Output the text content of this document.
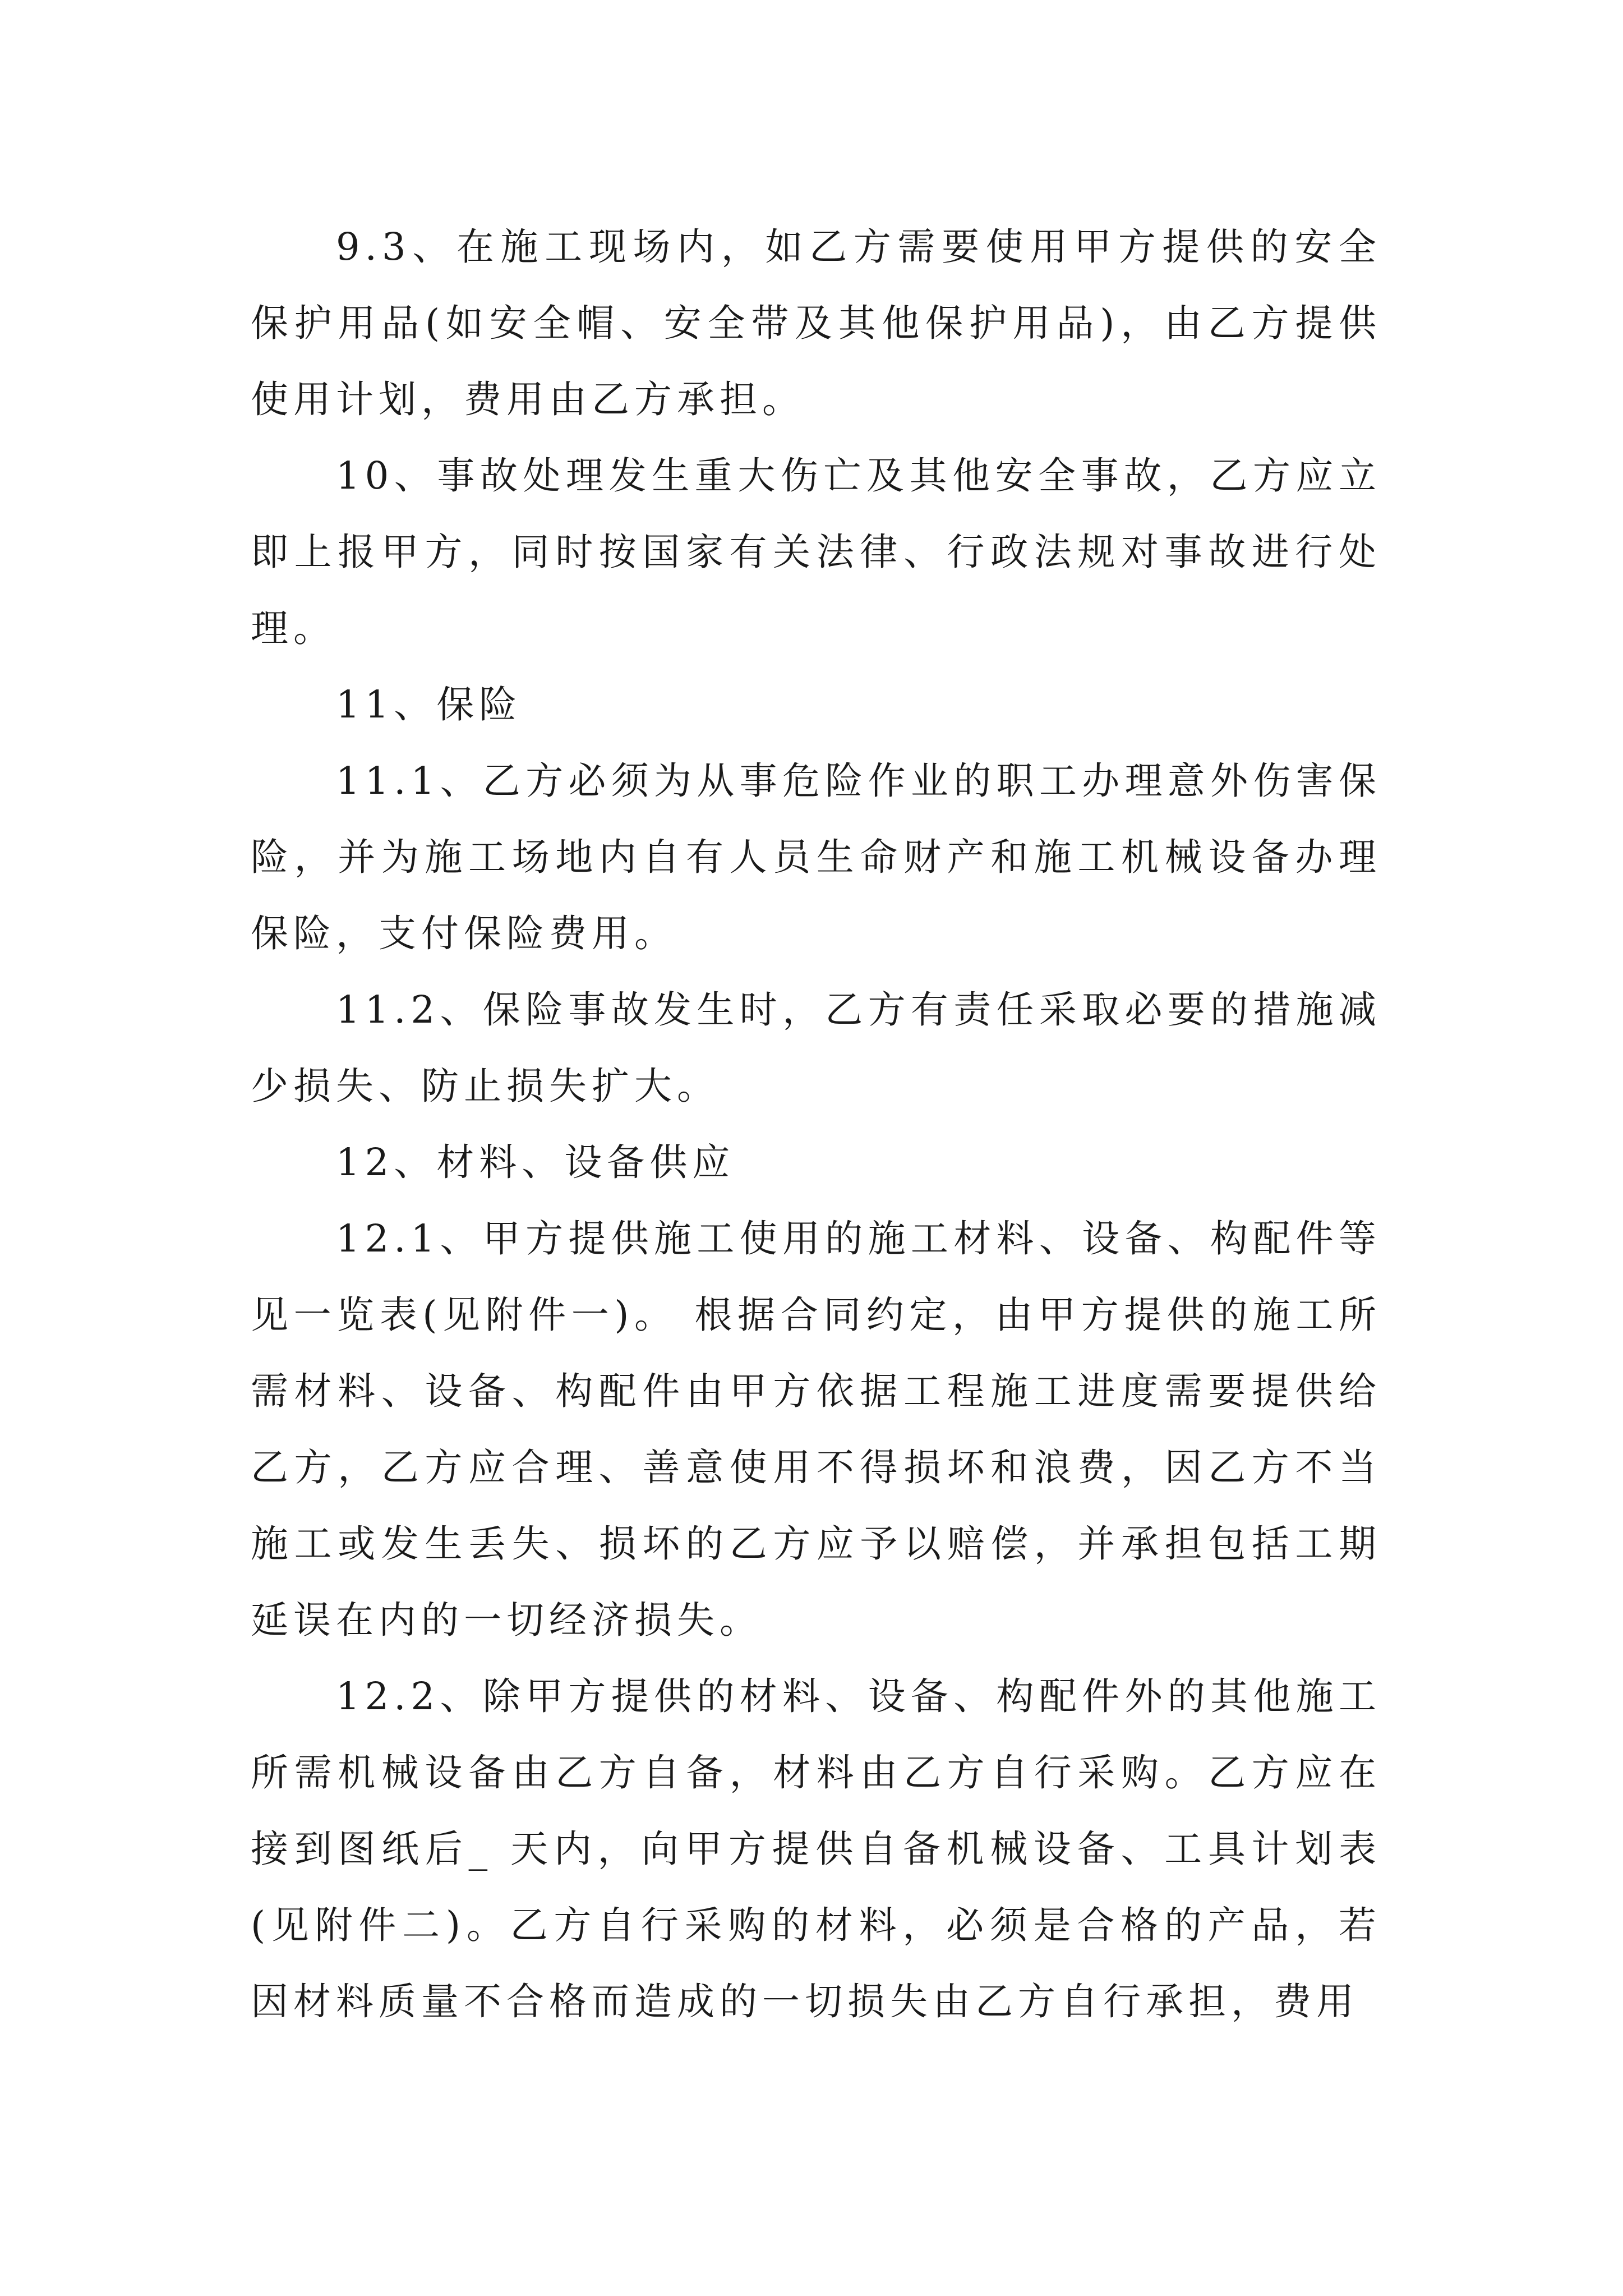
9.3、在施工现场内，如乙方需要使用甲方提供的安全保护用品(如安全帽、安全带及其他保护用品)，由乙方提供使用计划，费用由乙方承担。

10、事故处理发生重大伤亡及其他安全事故，乙方应立即上报甲方，同时按国家有关法律、行政法规对事故进行处理。

11、保险

11.1、乙方必须为从事危险作业的职工办理意外伤害保险，并为施工场地内自有人员生命财产和施工机械设备办理保险，支付保险费用。

11.2、保险事故发生时，乙方有责任采取必要的措施减少损失、防止损失扩大。

12、材料、设备供应

12.1、甲方提供施工使用的施工材料、设备、构配件等见一览表(见附件一)。 根据合同约定，由甲方提供的施工所需材料、设备、构配件由甲方依据工程施工进度需要提供给乙方，乙方应合理、善意使用不得损坏和浪费，因乙方不当施工或发生丢失、损坏的乙方应予以赔偿，并承担包括工期延误在内的一切经济损失。

12.2、除甲方提供的材料、设备、构配件外的其他施工所需机械设备由乙方自备，材料由乙方自行采购。乙方应在接到图纸后_ 天内，向甲方提供自备机械设备、工具计划表(见附件二)。乙方自行采购的材料，必须是合格的产品，若因材料质量不合格而造成的一切损失由乙方自行承担，费用
